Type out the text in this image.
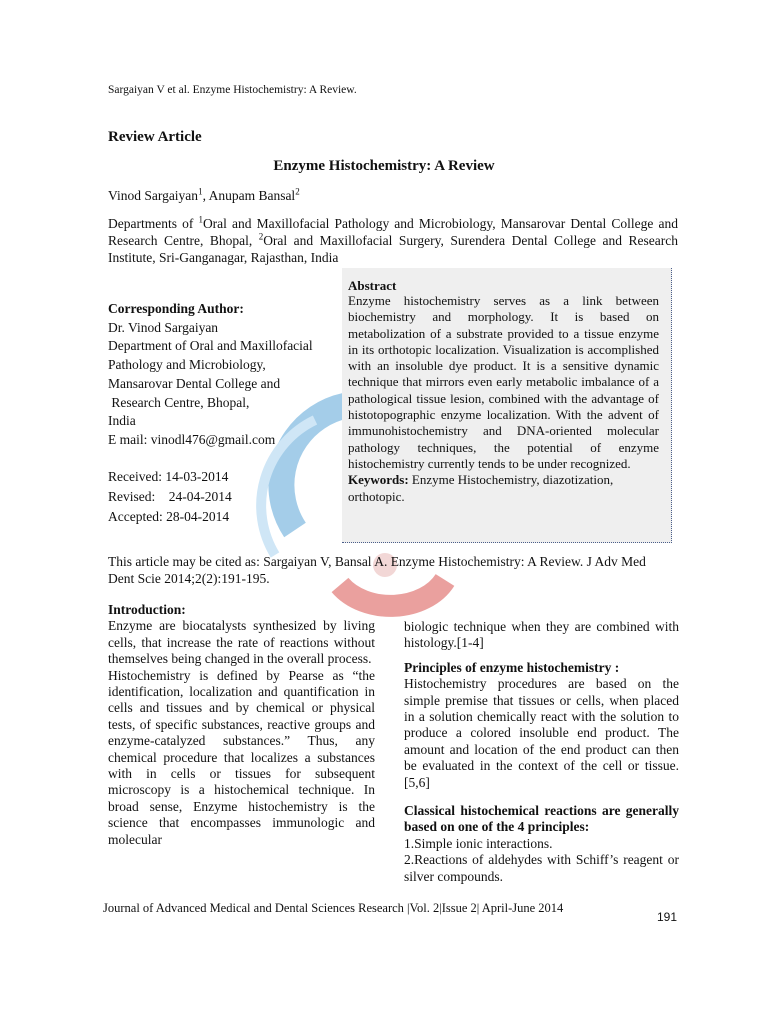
Sargaiyan V et al. Enzyme Histochemistry: A Review.
Review Article
Enzyme Histochemistry: A Review
Vinod Sargaiyan$^1$, Anupam Bansal$^2$
Departments of $^1$Oral and Maxillofacial Pathology and Microbiology, Mansarovar Dental College and Research Centre, Bhopal, $^2$Oral and Maxillofacial Surgery, Surendera Dental College and Research Institute, Sri-Ganganagar, Rajasthan, India
Abstract
Enzyme histochemistry serves as a link between biochemistry and morphology. It is based on metabolization of a substrate provided to a tissue enzyme in its orthotopic localization. Visualization is accomplished with an insoluble dye product. It is a sensitive dynamic technique that mirrors even early metabolic imbalance of a pathological tissue lesion, combined with the advantage of histotopographic enzyme localization. With the advent of immunohistochemistry and DNA-oriented molecular pathology techniques, the potential of enzyme histochemistry currently tends to be under recognized.
Keywords: Enzyme Histochemistry, diazotization, orthotopic.
Corresponding Author:
Dr. Vinod Sargaiyan
Department of Oral and Maxillofacial
Pathology and Microbiology,
Mansarovar Dental College and
Research Centre, Bhopal,
India
E mail: vinodl476@gmail.com
Received: 14-03-2014
Revised:    24-04-2014
Accepted: 28-04-2014
This article may be cited as: Sargaiyan V, Bansal A. Enzyme Histochemistry: A Review. J Adv Med Dent Scie 2014;2(2):191-195.
Introduction:

Enzyme are biocatalysts synthesized by living cells, that increase the rate of reactions without themselves being changed in the overall process.

Histochemistry is defined by Pearse as “the identification, localization and quantification in cells and tissues and by chemical or physical tests, of specific substances, reactive groups and enzyme-catalyzed substances.” Thus, any chemical procedure that localizes a substances with in cells or tissues for subsequent microscopy is a histochemical technique. In broad sense, Enzyme histochemistry is the science that encompasses immunologic and molecular

biologic technique when they are combined with histology.[1-4]

Principles of enzyme histochemistry :

Histochemistry procedures are based on the simple premise that tissues or cells, when placed in a solution chemically react with the solution to produce a colored insoluble end product. The amount and location of the end product can then be evaluated in the context of the cell or tissue.[5,6]

Classical histochemical reactions are generally based on one of the 4 principles:

1.Simple ionic interactions.

2.Reactions of aldehydes with Schiff’s reagent or silver compounds.

Journal of Advanced Medical and Dental Sciences Research |Vol. 2|Issue 2| April-June 2014
191
